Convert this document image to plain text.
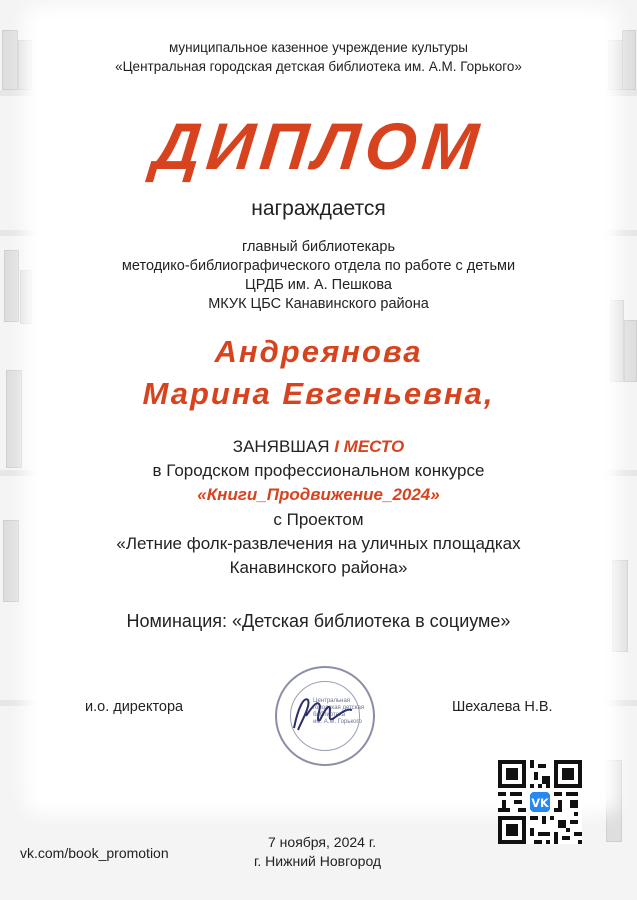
муниципальное казенное учреждение культуры
«Центральная городская детская библиотека им. А.М. Горького»
ДИПЛОМ
награждается
главный библиотекарь
методико-библиографического отдела по работе с детьми
ЦРДБ им. А. Пешкова
МКУК ЦБС Канавинского района
Андреянова
Марина Евгеньевна,
ЗАНЯВШАЯ I МЕСТО
в Городском профессиональном конкурсе
«Книги_Продвижение_2024»
с Проектом
«Летние фолк-развлечения на уличных площадках
Канавинского района»
Номинация: «Детская библиотека в социуме»
и.о. директора	Шехалева Н.В.
Центральная
городская детская
библиотека
им. А.М. Горького
VK
vk.com/book_promotion
7 ноября, 2024 г.
г. Нижний Новгород
